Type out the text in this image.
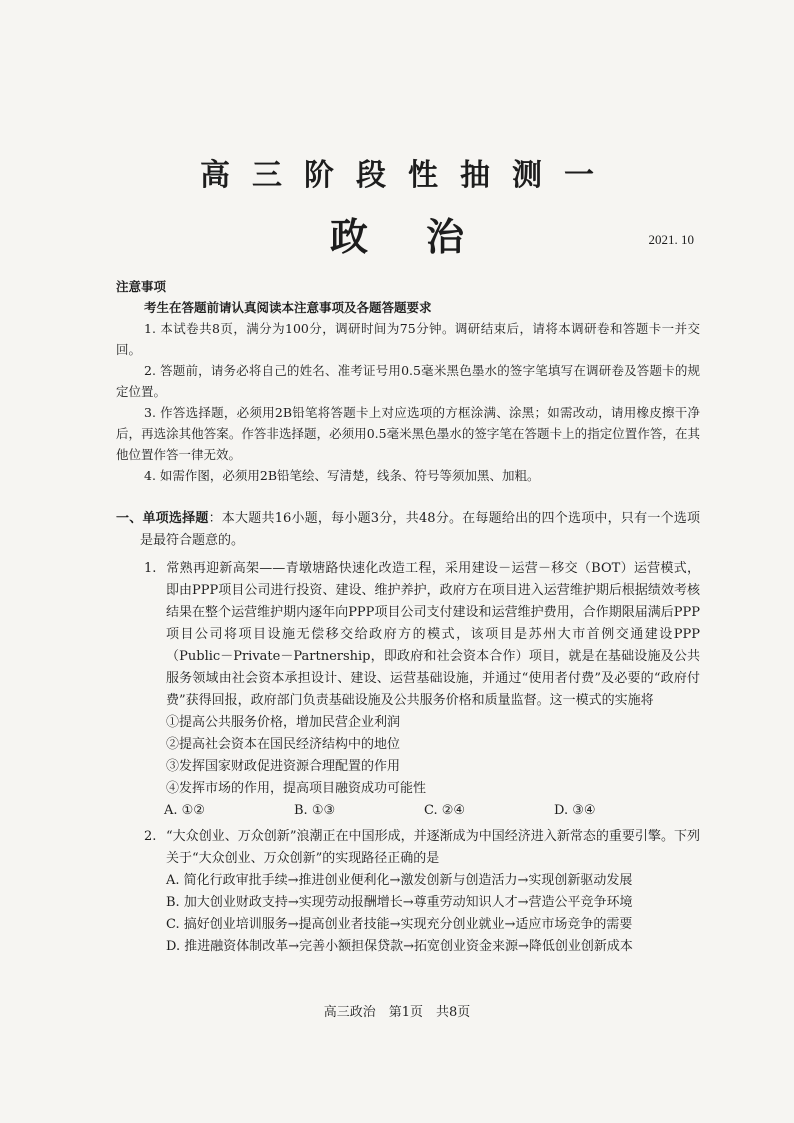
高三阶段性抽测一
政治	2021. 10
注意事项
考生在答题前请认真阅读本注意事项及各题答题要求
1. 本试卷共8页，满分为100分，调研时间为75分钟。调研结束后，请将本调研卷和答题卡一并交回。
2. 答题前，请务必将自己的姓名、准考证号用0.5毫米黑色墨水的签字笔填写在调研卷及答题卡的规定位置。
3. 作答选择题，必须用2B铅笔将答题卡上对应选项的方框涂满、涂黑；如需改动，请用橡皮擦干净后，再选涂其他答案。作答非选择题，必须用0.5毫米黑色墨水的签字笔在答题卡上的指定位置作答，在其他位置作答一律无效。
4. 如需作图，必须用2B铅笔绘、写清楚，线条、符号等须加黑、加粗。
一、单项选择题：本大题共16小题，每小题3分，共48分。在每题给出的四个选项中，只有一个选项是最符合题意的。
1. 常熟再迎新高架——青墩塘路快速化改造工程，采用建设－运营－移交（BOT）运营模式，即由PPP项目公司进行投资、建设、维护养护，政府方在项目进入运营维护期后根据绩效考核结果在整个运营维护期内逐年向PPP项目公司支付建设和运营维护费用，合作期限届满后PPP项目公司将项目设施无偿移交给政府方的模式，该项目是苏州大市首例交通建设PPP（Public－Private－Partnership，即政府和社会资本合作）项目，就是在基础设施及公共服务领域由社会资本承担设计、建设、运营基础设施，并通过“使用者付费”及必要的“政府付费”获得回报，政府部门负责基础设施及公共服务价格和质量监督。这一模式的实施将
①提高公共服务价格，增加民营企业利润
②提高社会资本在国民经济结构中的地位
③发挥国家财政促进资源合理配置的作用
④发挥市场的作用，提高项目融资成功可能性
A. ①②	B. ①③	C. ②④	D. ③④
2. “大众创业、万众创新”浪潮正在中国形成，并逐渐成为中国经济进入新常态的重要引擎。下列关于“大众创业、万众创新”的实现路径正确的是
A. 简化行政审批手续→推进创业便利化→激发创新与创造活力→实现创新驱动发展
B. 加大创业财政支持→实现劳动报酬增长→尊重劳动知识人才→营造公平竞争环境
C. 搞好创业培训服务→提高创业者技能→实现充分创业就业→适应市场竞争的需要
D. 推进融资体制改革→完善小额担保贷款→拓宽创业资金来源→降低创业创新成本
高三政治　第1页　共8页
